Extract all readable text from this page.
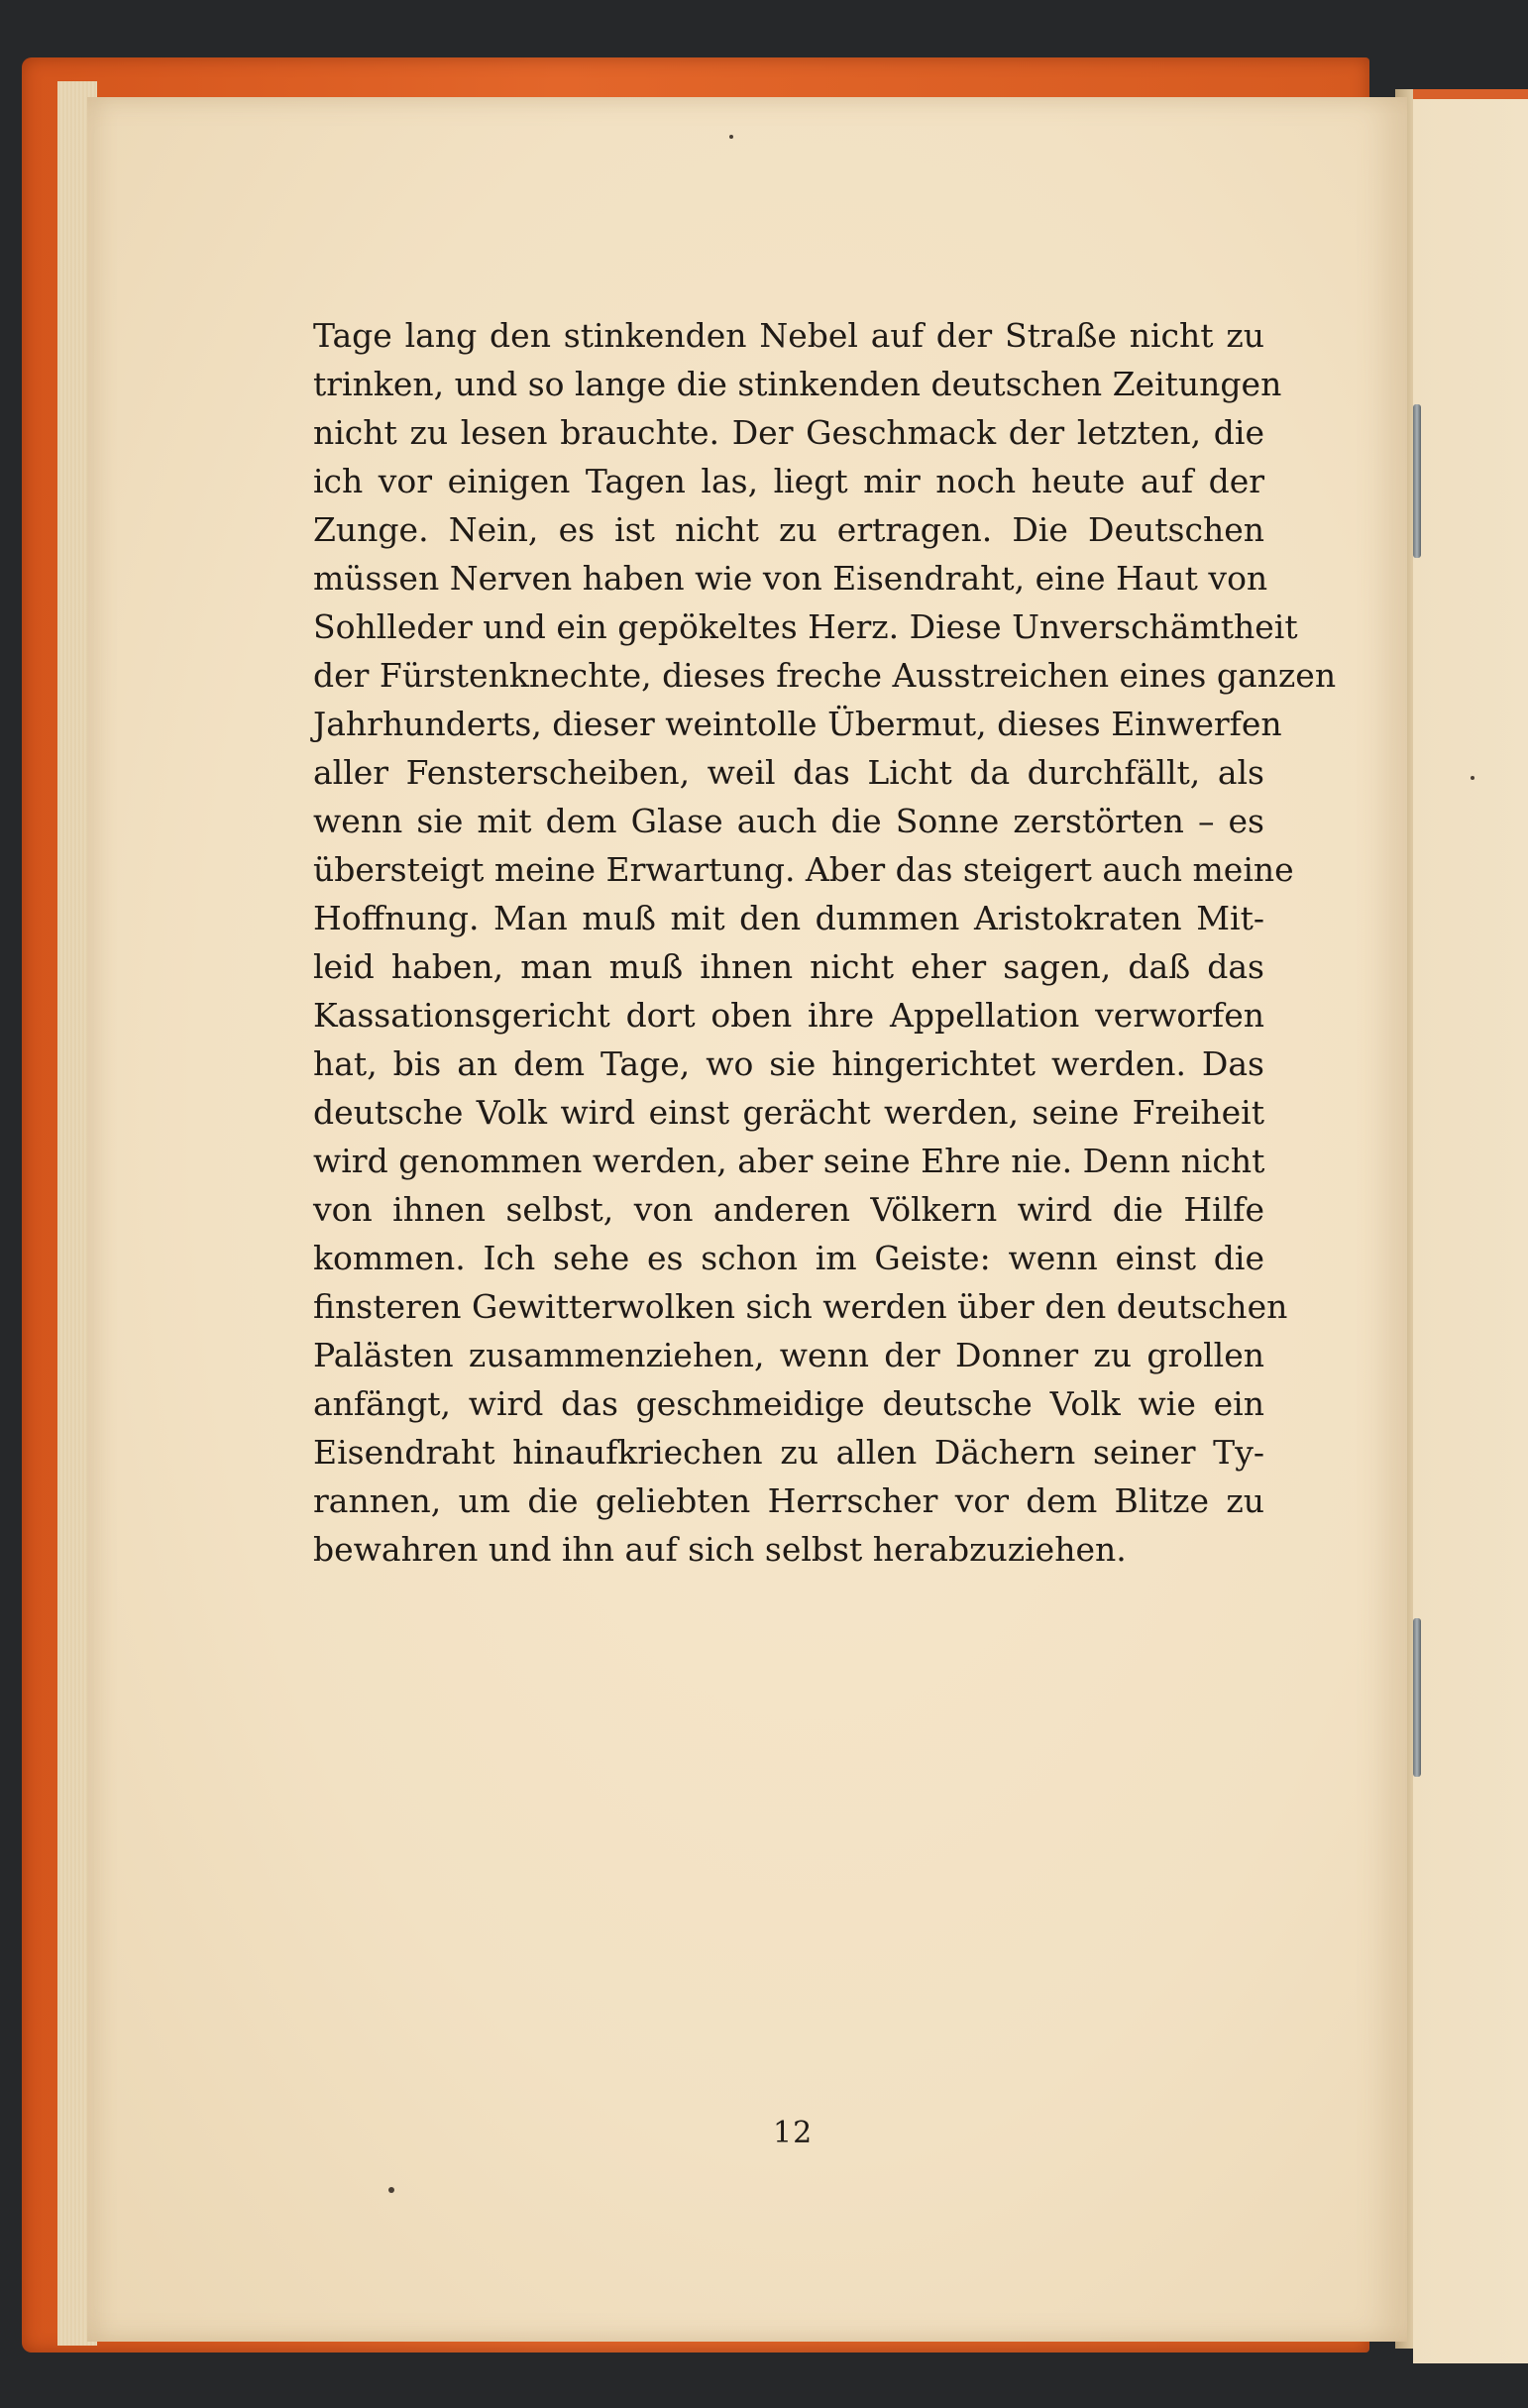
Tage lang den stinkenden Nebel auf der Straße nicht zu
trinken, und so lange die stinkenden deutschen Zeitungen
nicht zu lesen brauchte. Der Geschmack der letzten, die
ich vor einigen Tagen las, liegt mir noch heute auf der
Zunge. Nein, es ist nicht zu ertragen. Die Deutschen
müssen Nerven haben wie von Eisendraht, eine Haut von
Sohlleder und ein gepökeltes Herz. Diese Unverschämtheit
der Fürstenknechte, dieses freche Ausstreichen eines ganzen
Jahrhunderts, dieser weintolle Übermut, dieses Einwerfen
aller Fensterscheiben, weil das Licht da durchfällt, als
wenn sie mit dem Glase auch die Sonne zerstörten – es
übersteigt meine Erwartung. Aber das steigert auch meine
Hoffnung. Man muß mit den dummen Aristokraten Mit-
leid haben, man muß ihnen nicht eher sagen, daß das
Kassationsgericht dort oben ihre Appellation verworfen
hat, bis an dem Tage, wo sie hingerichtet werden. Das
deutsche Volk wird einst gerächt werden, seine Freiheit
wird genommen werden, aber seine Ehre nie. Denn nicht
von ihnen selbst, von anderen Völkern wird die Hilfe
kommen. Ich sehe es schon im Geiste: wenn einst die
finsteren Gewitterwolken sich werden über den deutschen
Palästen zusammenziehen, wenn der Donner zu grollen
anfängt, wird das geschmeidige deutsche Volk wie ein
Eisendraht hinaufkriechen zu allen Dächern seiner Ty-
rannen, um die geliebten Herrscher vor dem Blitze zu
bewahren und ihn auf sich selbst herabzuziehen.
12
